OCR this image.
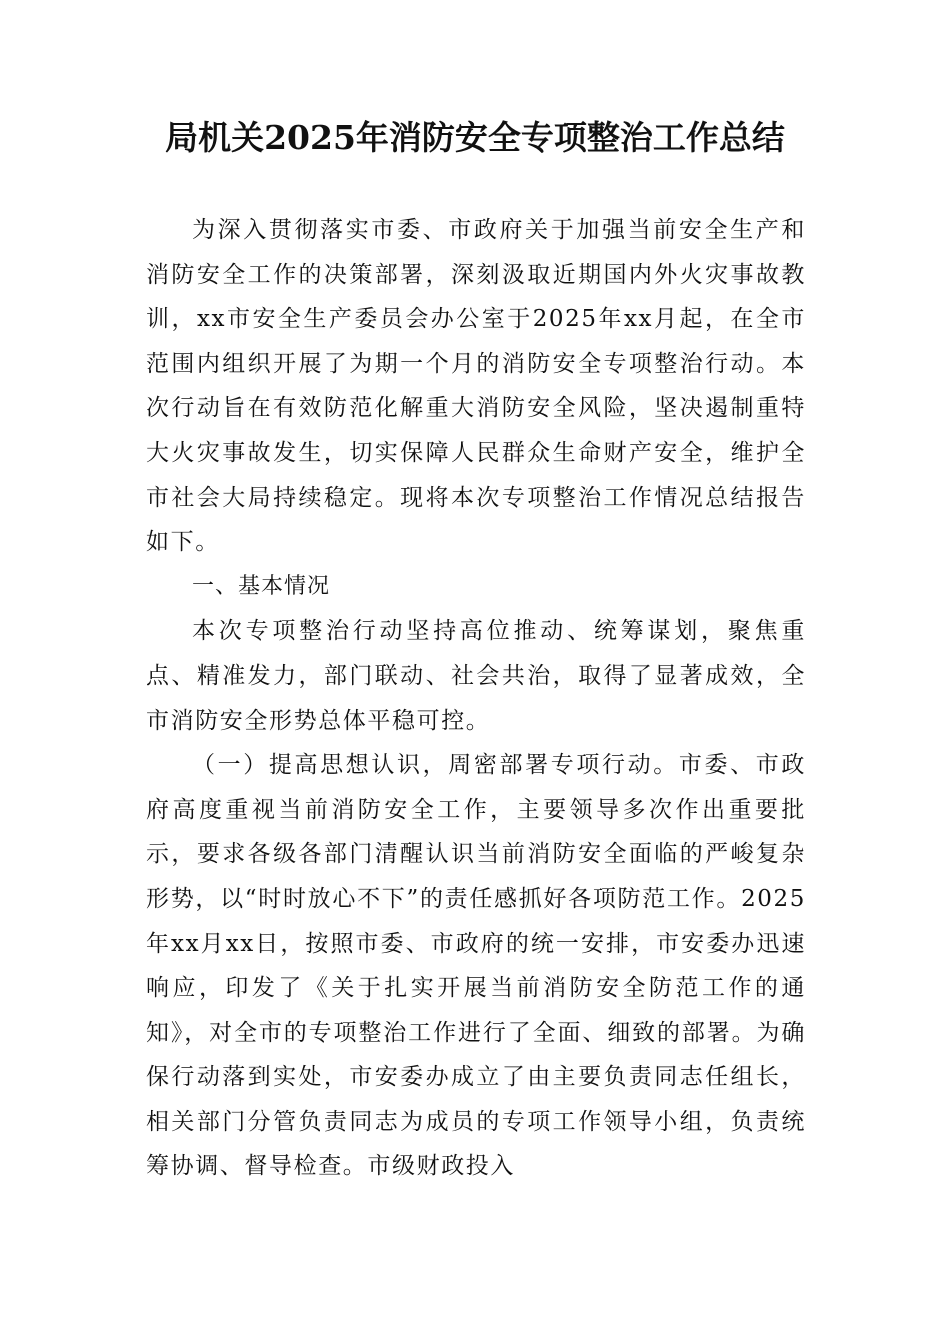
局机关2025年消防安全专项整治工作总结

为深入贯彻落实市委、市政府关于加强当前安全生产和消防安全工作的决策部署，深刻汲取近期国内外火灾事故教训，xx市安全生产委员会办公室于2025年xx月起，在全市范围内组织开展了为期一个月的消防安全专项整治行动。本次行动旨在有效防范化解重大消防安全风险，坚决遏制重特大火灾事故发生，切实保障人民群众生命财产安全，维护全市社会大局持续稳定。现将本次专项整治工作情况总结报告如下。

一、基本情况

本次专项整治行动坚持高位推动、统筹谋划，聚焦重点、精准发力，部门联动、社会共治，取得了显著成效，全市消防安全形势总体平稳可控。

（一）提高思想认识，周密部署专项行动。市委、市政府高度重视当前消防安全工作，主要领导多次作出重要批示，要求各级各部门清醒认识当前消防安全面临的严峻复杂形势，以“时时放心不下”的责任感抓好各项防范工作。2025年xx月xx日，按照市委、市政府的统一安排，市安委办迅速响应，印发了《关于扎实开展当前消防安全防范工作的通知》，对全市的专项整治工作进行了全面、细致的部署。为确保行动落到实处，市安委办成立了由主要负责同志任组长，相关部门分管负责同志为成员的专项工作领导小组，负责统筹协调、督导检查。市级财政投入
